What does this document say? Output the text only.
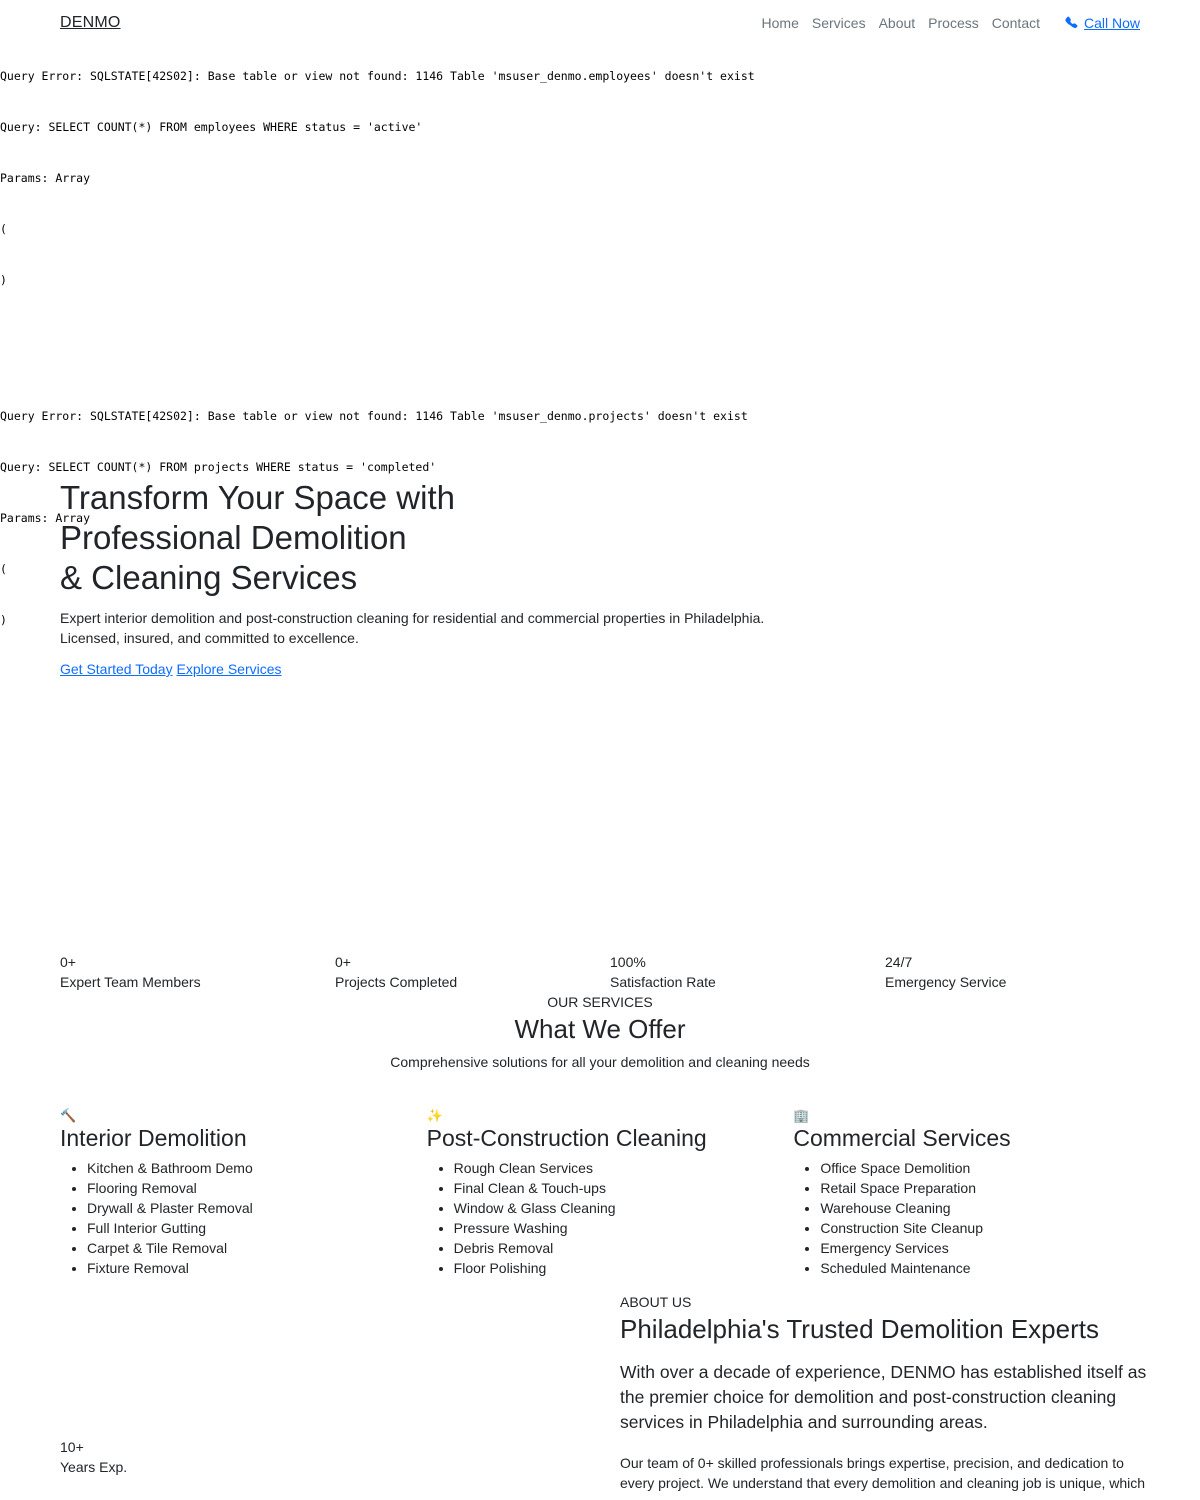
Query Error: SQLSTATE[42S02]: Base table or view not found: 1146 Table 'msuser_denmo.employees' doesn't exist

Query: SELECT COUNT(*) FROM employees WHERE status = 'active'

Params: Array

(

)

Query Error: SQLSTATE[42S02]: Base table or view not found: 1146 Table 'msuser_denmo.projects' doesn't exist

Query: SELECT COUNT(*) FROM projects WHERE status = 'completed'

Params: Array

(

)

DENMO	Home Services About Process Contact	Call Now
Transform Your Space with
Professional Demolition
& Cleaning Services

Expert interior demolition and post-construction cleaning for residential and commercial properties in Philadelphia.
Licensed, insured, and committed to excellence.

Get Started Today Explore Services
0+
Expert Team Members
0+
Projects Completed
100%
Satisfaction Rate
24/7
Emergency Service
OUR SERVICES
What We Offer

Comprehensive solutions for all your demolition and cleaning needs

🔨
Interior Demolition
• Kitchen & Bathroom Demo
• Flooring Removal
• Drywall & Plaster Removal
• Full Interior Gutting
• Carpet & Tile Removal
• Fixture Removal
✨
Post-Construction Cleaning
• Rough Clean Services
• Final Clean & Touch-ups
• Window & Glass Cleaning
• Pressure Washing
• Debris Removal
• Floor Polishing
🏢
Commercial Services
• Office Space Demolition
• Retail Space Preparation
• Warehouse Cleaning
• Construction Site Cleanup
• Emergency Services
• Scheduled Maintenance
10+
Years Exp.
ABOUT US
Philadelphia's Trusted Demolition Experts

With over a decade of experience, DENMO has established itself as the premier choice for demolition and post-construction cleaning services in Philadelphia and surrounding areas.

Our team of 0+ skilled professionals brings expertise, precision, and dedication to every project. We understand that every demolition and cleaning job is unique, which
